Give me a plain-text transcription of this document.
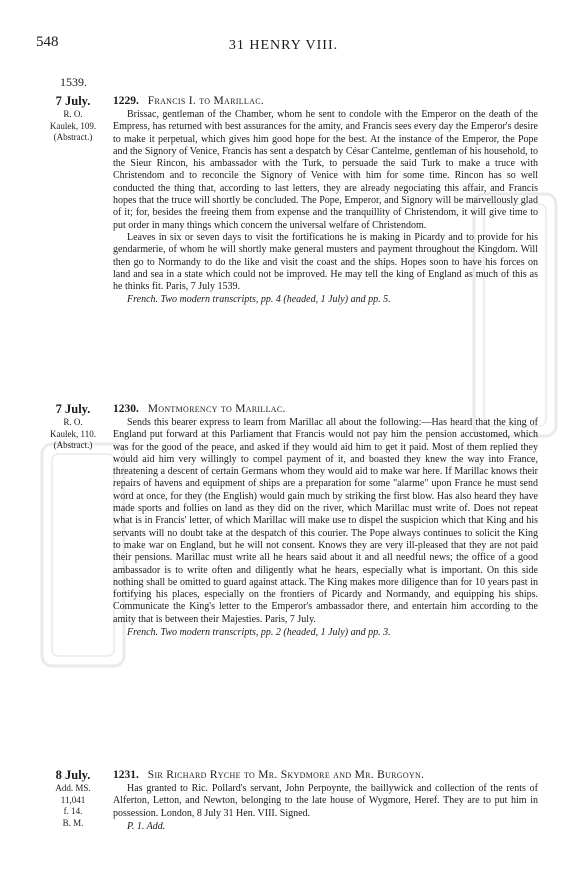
548	31 HENRY VIII.
1539.
7 July.
R. O.
Kaulek, 109.
(Abstract.)
1229. Francis I. to Marillac.

Brissac, gentleman of the Chamber, whom he sent to condole with the Emperor on the death of the Empress, has returned with best assurances for the amity, and Francis sees every day the Emperor's desire to make it perpetual, which gives him good hope for the best. At the instance of the Emperor, the Pope and the Signory of Venice, Francis has sent a despatch by César Cantelme, gentleman of his household, to the Sieur Rincon, his ambassador with the Turk, to persuade the said Turk to make a truce with Christendom and to reconcile the Signory of Venice with him for some time. Rincon has so well conducted the thing that, according to last letters, they are already negociating this affair, and Francis hopes that the truce will shortly be concluded. The Pope, Emperor, and Signory will be marvellously glad of it; for, besides the freeing them from expense and the tranquillity of Christendom, it will give time to put order in many things which concern the universal welfare of Christendom.

Leaves in six or seven days to visit the fortifications he is making in Picardy and to provide for his gendarmerie, of whom he will shortly make general musters and payment throughout the Kingdom. Will then go to Normandy to do the like and visit the coast and the ships. Hopes soon to have his forces on land and sea in a state which could not be improved. He may tell the king of England as much of this as he thinks fit. Paris, 7 July 1539.

French. Two modern transcripts, pp. 4 (headed, 1 July) and pp. 5.

7 July.
R. O.
Kaulek, 110.
(Abstract.)
1230. Montmorency to Marillac.

Sends this bearer express to learn from Marillac all about the following:—Has heard that the king of England put forward at this Parliament that Francis would not pay him the pension accustomed, which was for the good of the peace, and asked if they would aid him to get it paid. Most of them replied they would aid him very willingly to compel payment of it, and boasted they knew the way into France, threatening a descent of certain Germans whom they would aid to make war here. If Marillac knows their repairs of havens and equipment of ships are a preparation for some "alarme" upon France he must send word at once, for they (the English) would gain much by striking the first blow. Has also heard they have made sports and follies on land as they did on the river, which Marillac must write of. Does not repeat what is in Francis' letter, of which Marillac will make use to dispel the suspicion which that King and his servants will no doubt take at the despatch of this courier. The Pope always continues to solicit the King to make war on England, but he will not consent. Knows they are very ill-pleased that they are not paid their pensions. Marillac must write all he hears said about it and all needful news; the office of a good ambassador is to write often and diligently what he hears, especially what is important. On this side nothing shall be omitted to guard against attack. The King makes more diligence than for 10 years past in fortifying his places, especially on the frontiers of Picardy and Normandy, and equipping his ships. Communicate the King's letter to the Emperor's ambassador there, and entertain him according to the amity that is between their Majesties. Paris, 7 July.

French. Two modern transcripts, pp. 2 (headed, 1 July) and pp. 3.

8 July.
Add. MS.
11,041
f. 14.
B. M.
1231. Sir Richard Ryche to Mr. Skydmore and Mr. Burgoyn.

Has granted to Ric. Pollard's servant, John Perpoynte, the baillywick and collection of the rents of Alferton, Letton, and Newton, belonging to the late house of Wygmore, Heref. They are to put him in possession. London, 8 July 31 Hen. VIII. Signed.

P. 1. Add.
